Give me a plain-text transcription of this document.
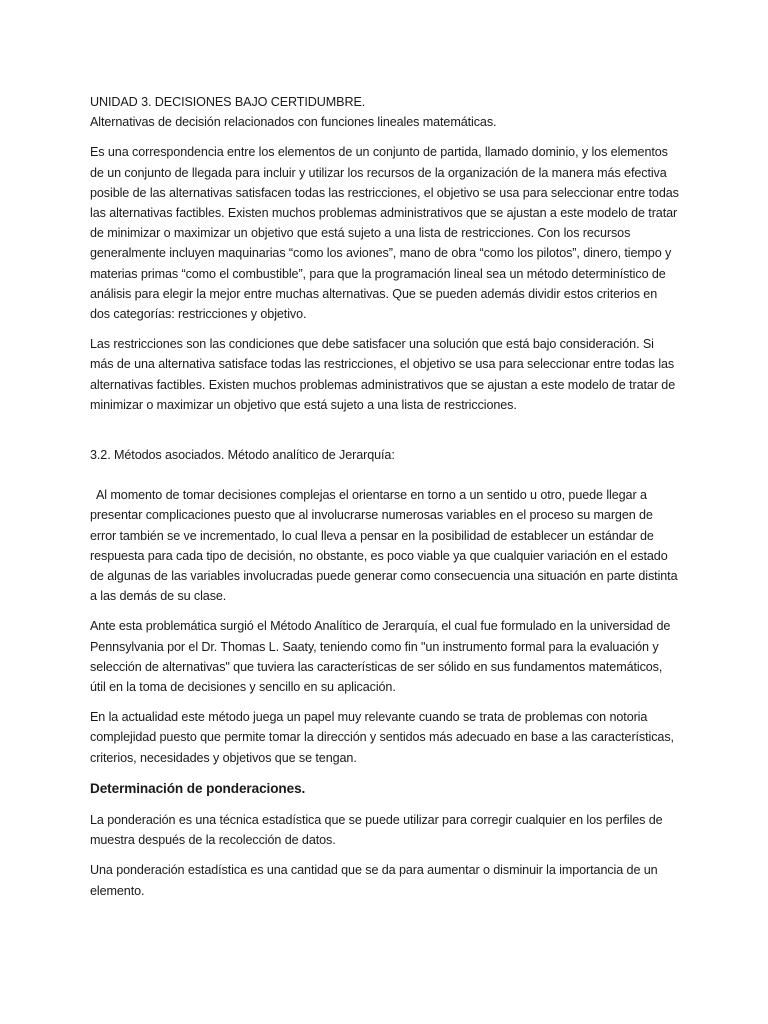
UNIDAD 3. DECISIONES BAJO CERTIDUMBRE.

Alternativas de decisión relacionados con funciones lineales matemáticas.

Es una correspondencia entre los elementos de un conjunto de partida, llamado dominio, y los elementos de un conjunto de llegada para incluir y utilizar los recursos de la organización de la manera más efectiva posible de las alternativas satisfacen todas las restricciones, el objetivo se usa para seleccionar entre todas las alternativas factibles. Existen muchos problemas administrativos que se ajustan a este modelo de tratar de minimizar o maximizar un objetivo que está sujeto a una lista de restricciones. Con los recursos generalmente incluyen maquinarias “como los aviones”, mano de obra “como los pilotos”, dinero, tiempo y materias primas “como el combustible”, para que la programación lineal sea un método determinístico de análisis para elegir la mejor entre muchas alternativas. Que se pueden además dividir estos criterios en dos categorías: restricciones y objetivo.

Las restricciones son las condiciones que debe satisfacer una solución que está bajo consideración. Si más de una alternativa satisface todas las restricciones, el objetivo se usa para seleccionar entre todas las alternativas factibles. Existen muchos problemas administrativos que se ajustan a este modelo de tratar de minimizar o maximizar un objetivo que está sujeto a una lista de restricciones.

3.2. Métodos asociados. Método analítico de Jerarquía:

Al momento de tomar decisiones complejas el orientarse en torno a un sentido u otro, puede llegar a presentar complicaciones puesto que al involucrarse numerosas variables en el proceso su margen de error también se ve incrementado, lo cual lleva a pensar en la posibilidad de establecer un estándar de respuesta para cada tipo de decisión, no obstante, es poco viable ya que cualquier variación en el estado de algunas de las variables involucradas puede generar como consecuencia una situación en parte distinta a las demás de su clase.

Ante esta problemática surgió el Método Analítico de Jerarquía, el cual fue formulado en la universidad de Pennsylvania por el Dr. Thomas L. Saaty, teniendo como fin "un instrumento formal para la evaluación y selección de alternativas" que tuviera las características de ser sólido en sus fundamentos matemáticos, útil en la toma de decisiones y sencillo en su aplicación.

En la actualidad este método juega un papel muy relevante cuando se trata de problemas con notoria complejidad puesto que permite tomar la dirección y sentidos más adecuado en base a las características, criterios, necesidades y objetivos que se tengan.

Determinación de ponderaciones.

La ponderación es una técnica estadística que se puede utilizar para corregir cualquier en los perfiles de muestra después de la recolección de datos.

Una ponderación estadística es una cantidad que se da para aumentar o disminuir la importancia de un elemento.
